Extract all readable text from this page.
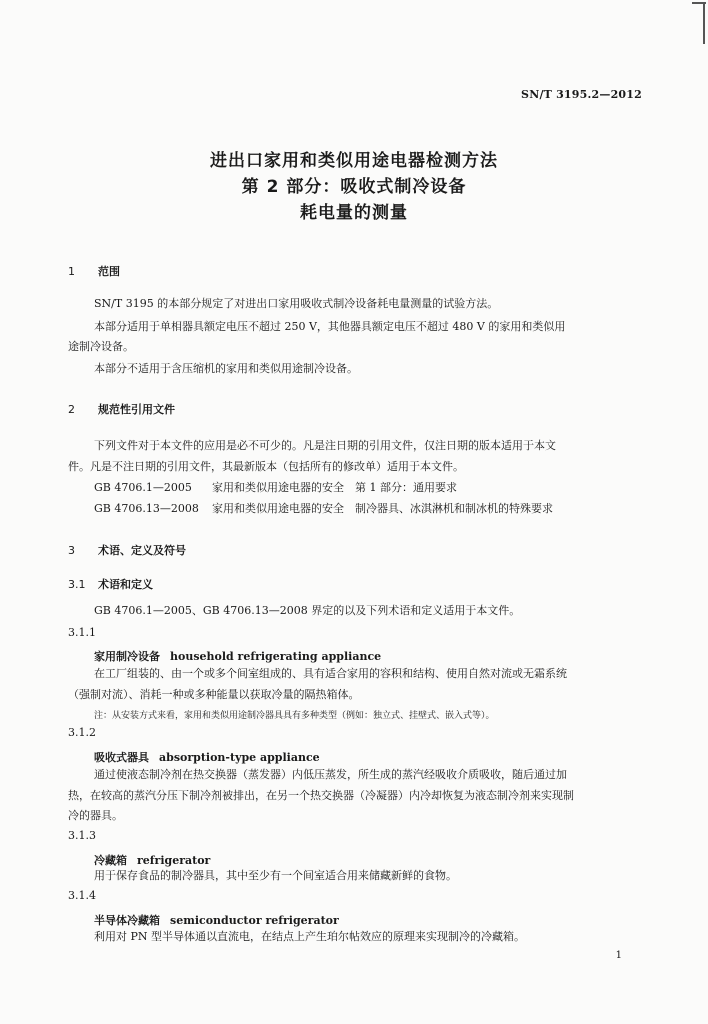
SN/T 3195.2—2012
进出口家用和类似用途电器检测方法
第 2 部分：吸收式制冷设备
耗电量的测量
1 范围
SN/T 3195 的本部分规定了对进出口家用吸收式制冷设备耗电量测量的试验方法。
本部分适用于单相器具额定电压不超过 250 V，其他器具额定电压不超过 480 V 的家用和类似用
途制冷设备。
本部分不适用于含压缩机的家用和类似用途制冷设备。
2 规范性引用文件
下列文件对于本文件的应用是必不可少的。凡是注日期的引用文件，仅注日期的版本适用于本文
件。凡是不注日期的引用文件，其最新版本（包括所有的修改单）适用于本文件。
GB 4706.1—2005 家用和类似用途电器的安全　第 1 部分：通用要求
GB 4706.13—2008 家用和类似用途电器的安全　制冷器具、冰淇淋机和制冰机的特殊要求
3 术语、定义及符号
3.1 术语和定义
GB 4706.1—2005、GB 4706.13—2008 界定的以及下列术语和定义适用于本文件。
3.1.1
家用制冷设备 household refrigerating appliance
在工厂组装的、由一个或多个间室组成的、具有适合家用的容积和结构、使用自然对流或无霜系统
（强制对流）、消耗一种或多种能量以获取冷量的隔热箱体。
注：从安装方式来看，家用和类似用途制冷器具具有多种类型（例如：独立式、挂壁式、嵌入式等）。
3.1.2
吸收式器具 absorption-type appliance
通过使液态制冷剂在热交换器（蒸发器）内低压蒸发，所生成的蒸汽经吸收介质吸收，随后通过加
热，在较高的蒸汽分压下制冷剂被排出，在另一个热交换器（冷凝器）内冷却恢复为液态制冷剂来实现制
冷的器具。
3.1.3
冷藏箱 refrigerator
用于保存食品的制冷器具，其中至少有一个间室适合用来储藏新鲜的食物。
3.1.4
半导体冷藏箱 semiconductor refrigerator
利用对 PN 型半导体通以直流电，在结点上产生珀尔帖效应的原理来实现制冷的冷藏箱。
1
